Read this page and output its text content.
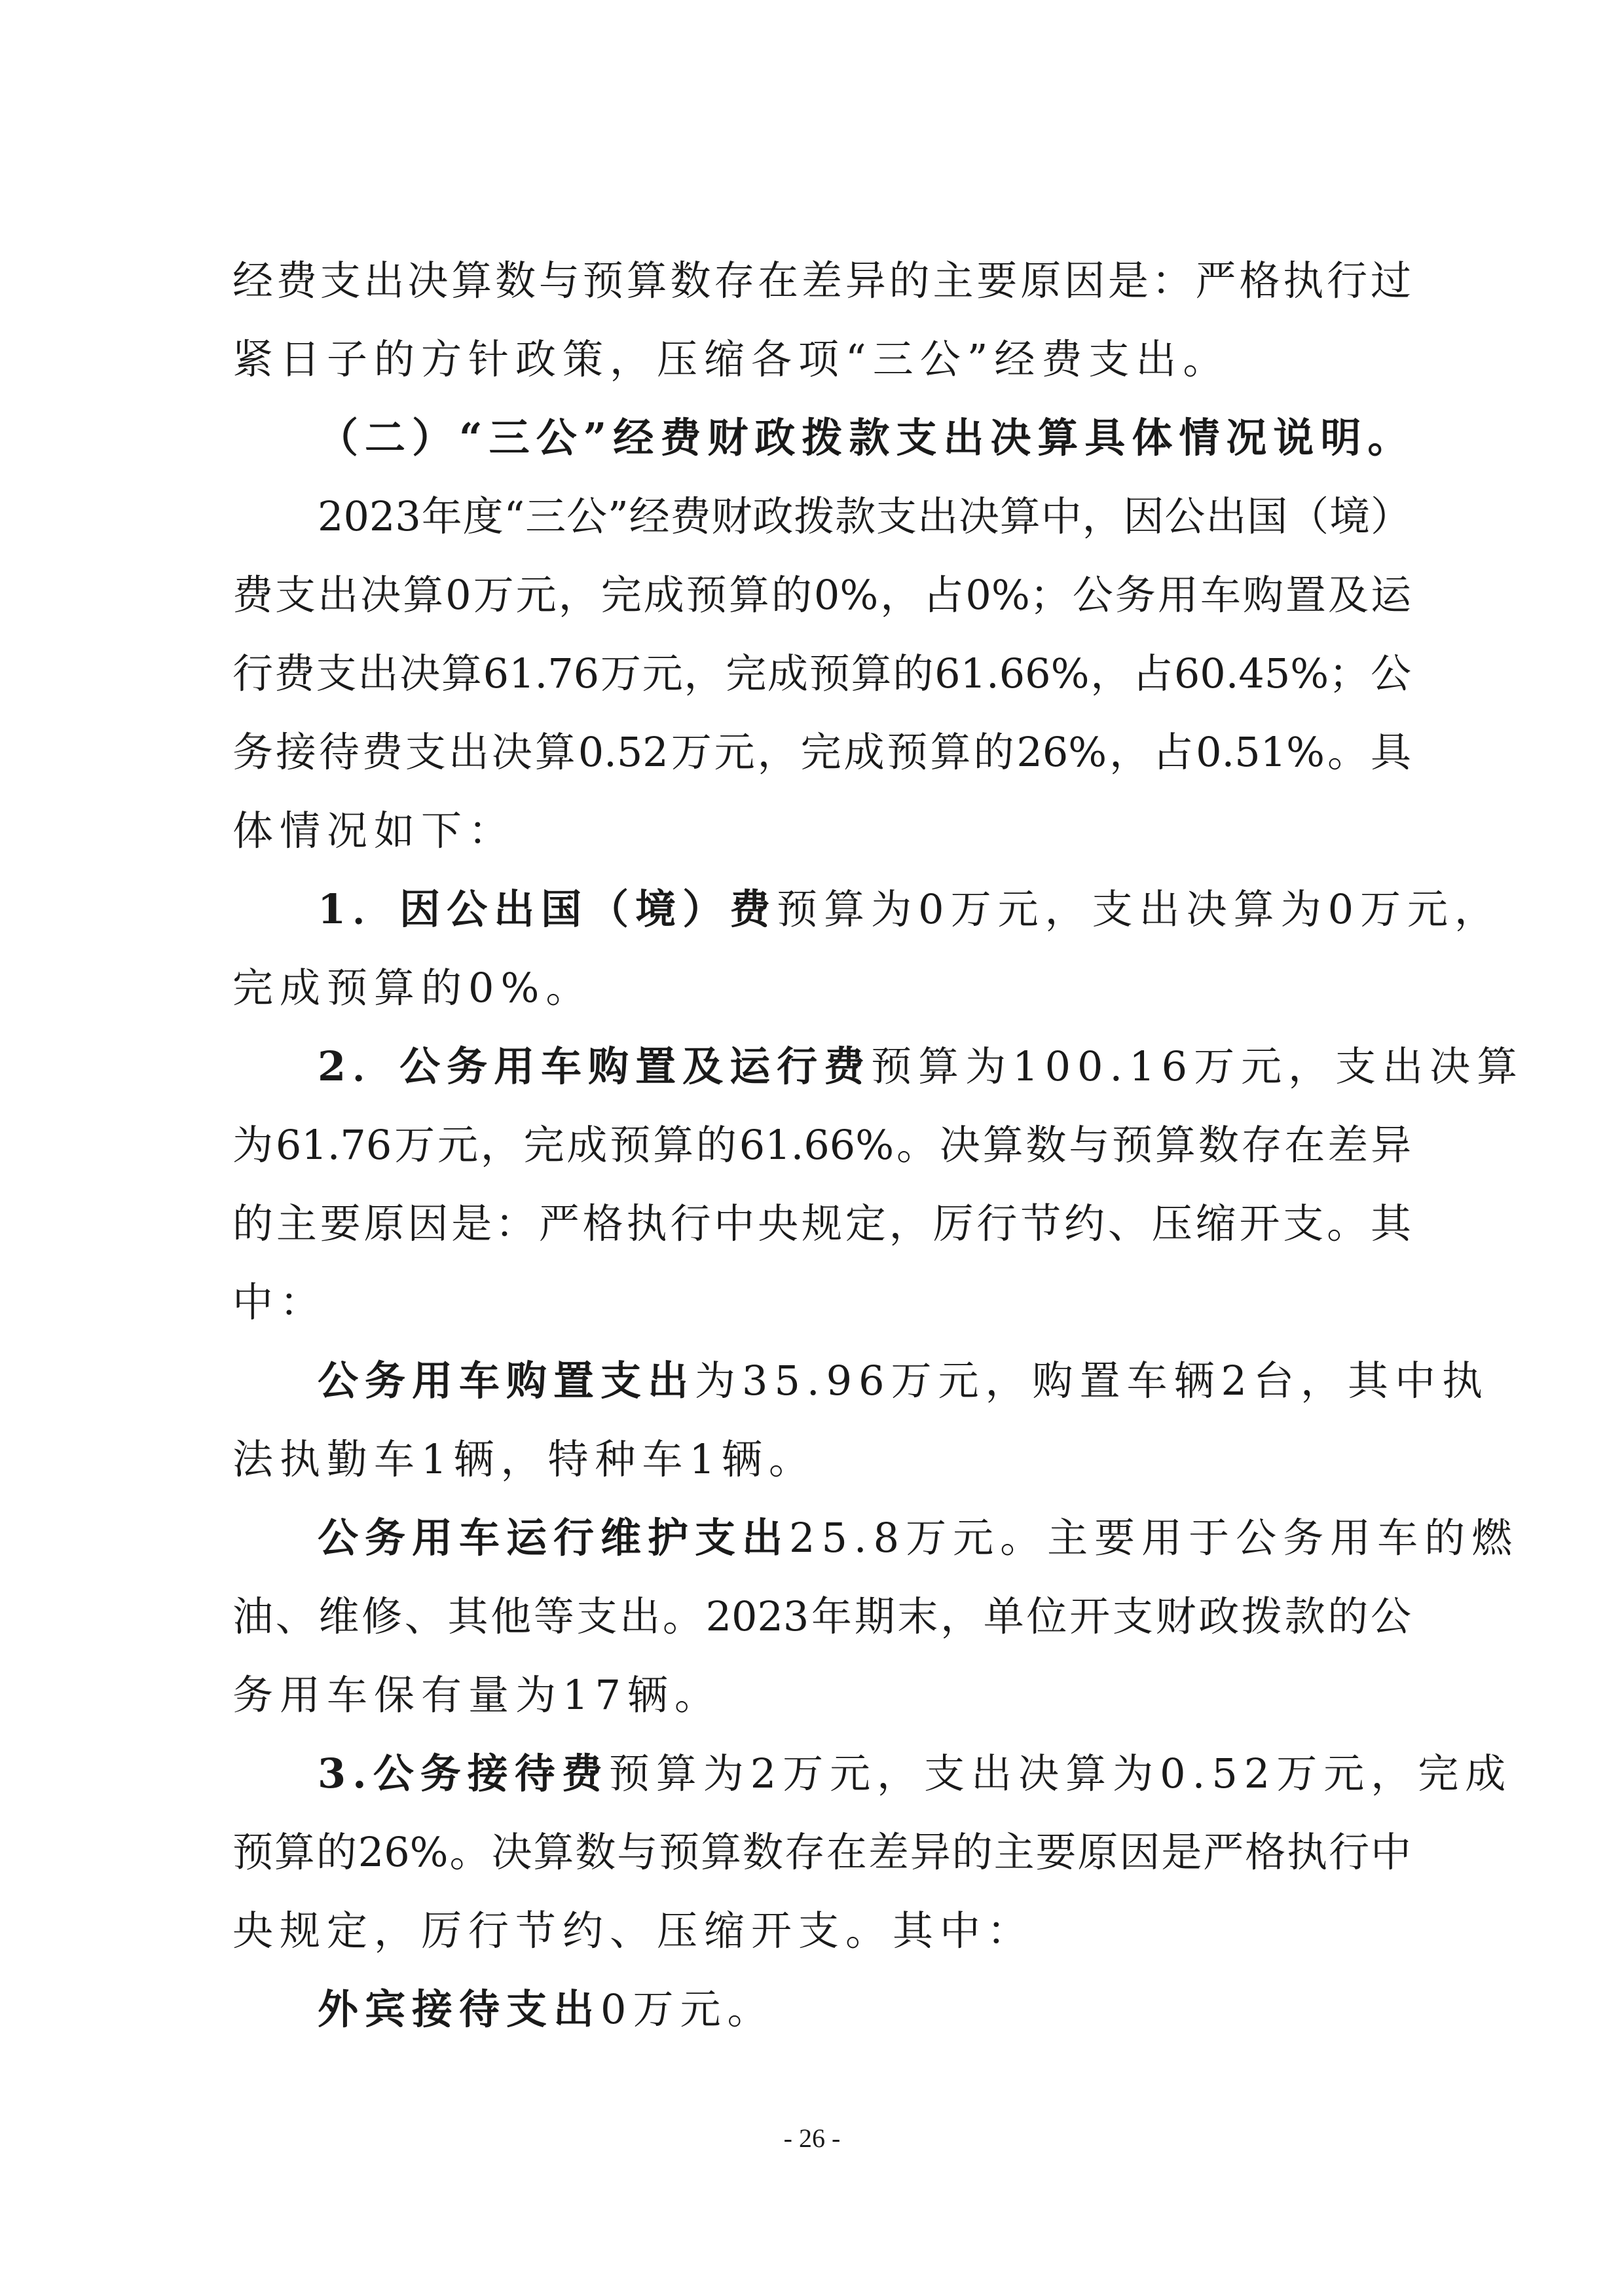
经费支出决算数与预算数存在差异的主要原因是：严格执行过
紧日子的方针政策，压缩各项“三公”经费支出。
（二）“三公”经费财政拨款支出决算具体情况说明。
2023年度“三公”经费财政拨款支出决算中，因公出国（境）
费支出决算0万元，完成预算的0%，占0%；公务用车购置及运
行费支出决算61.76万元，完成预算的61.66%，占60.45%；公
务接待费支出决算0.52万元，完成预算的26%，占0.51%。具
体情况如下：
1．因公出国（境）费预算为0万元，支出决算为0万元，
完成预算的0%。
2．公务用车购置及运行费预算为100.16万元，支出决算
为61.76万元，完成预算的61.66%。决算数与预算数存在差异
的主要原因是：严格执行中央规定，厉行节约、压缩开支。其
中：
公务用车购置支出为35.96万元，购置车辆2台，其中执
法执勤车1辆，特种车1辆。
公务用车运行维护支出25.8万元。主要用于公务用车的燃
油、维修、其他等支出。2023年期末，单位开支财政拨款的公
务用车保有量为17辆。
3.公务接待费预算为2万元，支出决算为0.52万元，完成
预算的26%。决算数与预算数存在差异的主要原因是严格执行中
央规定，厉行节约、压缩开支。其中：
外宾接待支出0万元。
- 26 -
